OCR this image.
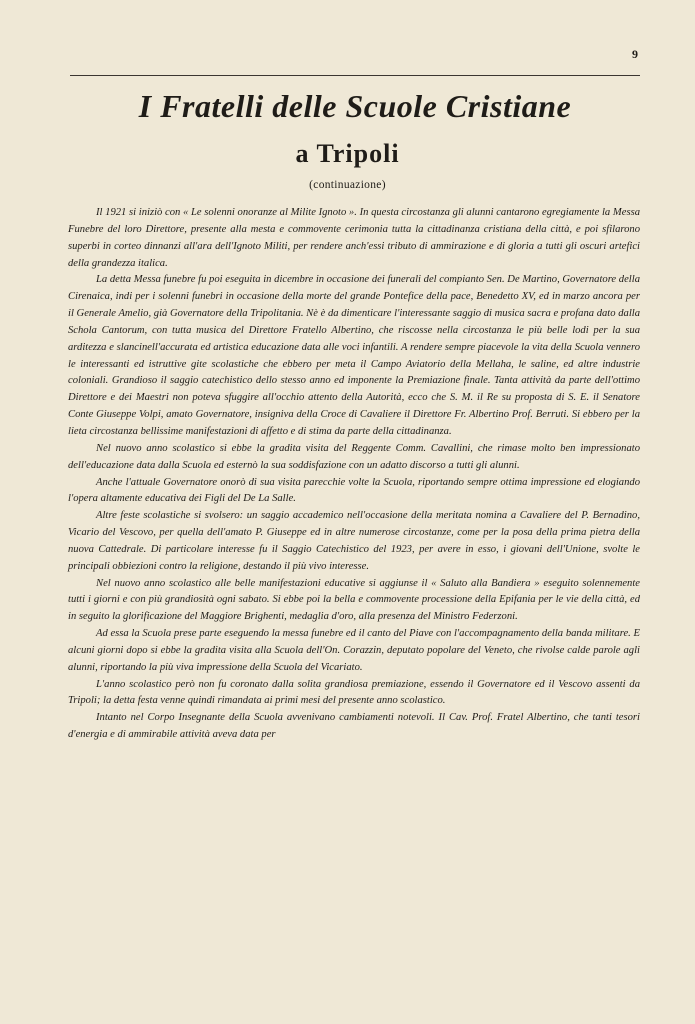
9
I Fratelli delle Scuole Cristiane
a Tripoli
(continuazione)

Il 1921 si iniziò con « Le solenni onoranze al Milite Ignoto ». In questa circostanza gli alunni cantarono egregiamente la Messa Funebre del loro Direttore, presente alla mesta e commovente cerimonia tutta la cittadinanza cristiana della città, e poi sfilarono superbi in corteo dinnanzi all'ara dell'Ignoto Militi, per rendere anch'essi tributo di ammirazione e di gloria a tutti gli oscuri artefici della grandezza italica.

La detta Messa funebre fu poi eseguita in dicembre in occasione dei funerali del compianto Sen. De Martino, Governatore della Cirenaica, indi per i solenni funebri in occasione della morte del grande Pontefice della pace, Benedetto XV, ed in marzo ancora per il Generale Amelio, già Governatore della Tripolitania. Nè è da dimenticare l'interessante saggio di musica sacra e profana dato dalla Schola Cantorum, con tutta musica del Direttore Fratello Albertino, che riscosse nella circostanza le più belle lodi per la sua arditezza e slancinell'accurata ed artistica educazione data alle voci infantili. A rendere sempre piacevole la vita della Scuola vennero le interessanti ed istruttive gite scolastiche che ebbero per meta il Campo Aviatorio della Mellaha, le saline, ed altre industrie coloniali. Grandioso il saggio catechistico dello stesso anno ed imponente la Premiazione finale. Tanta attività da parte dell'ottimo Direttore e dei Maestri non poteva sfuggire all'occhio attento della Autorità, ecco che S. M. il Re su proposta di S. E. il Senatore Conte Giuseppe Volpi, amato Governatore, insigniva della Croce di Cavaliere il Direttore Fr. Albertino Prof. Berruti. Si ebbero per la lieta circostanza bellissime manifestazioni di affetto e di stima da parte della cittadinanza.

Nel nuovo anno scolastico si ebbe la gradita visita del Reggente Comm. Cavallini, che rimase molto ben impressionato dell'educazione data dalla Scuola ed esternò la sua soddisfazione con un adatto discorso a tutti gli alunni.

Anche l'attuale Governatore onorò di sua visita parecchie volte la Scuola, riportando sempre ottima impressione ed elogiando l'opera altamente educativa dei Figli del De La Salle.

Altre feste scolastiche si svolsero: un saggio accademico nell'occasione della meritata nomina a Cavaliere del P. Bernadino, Vicario del Vescovo, per quella dell'amato P. Giuseppe ed in altre numerose circostanze, come per la posa della prima pietra della nuova Cattedrale. Di particolare interesse fu il Saggio Catechistico del 1923, per avere in esso, i giovani dell'Unione, svolte le principali obbiezioni contro la religione, destando il più vivo interesse.

Nel nuovo anno scolastico alle belle manifestazioni educative si aggiunse il « Saluto alla Bandiera » eseguito solennemente tutti i giorni e con più grandiosità ogni sabato. Si ebbe poi la bella e commovente processione della Epifania per le vie della città, ed in seguito la glorificazione del Maggiore Brighenti, medaglia d'oro, alla presenza del Ministro Federzoni.

Ad essa la Scuola prese parte eseguendo la messa funebre ed il canto del Piave con l'accompagnamento della banda militare. E alcuni giorni dopo si ebbe la gradita visita alla Scuola dell'On. Corazzin, deputato popolare del Veneto, che rivolse calde parole agli alunni, riportando la più viva impressione della Scuola del Vicariato.

L'anno scolastico però non fu coronato dalla solita grandiosa premiazione, essendo il Governatore ed il Vescovo assenti da Tripoli; la detta festa venne quindi rimandata ai primi mesi del presente anno scolastico.

Intanto nel Corpo Insegnante della Scuola avvenivano cambiamenti notevoli. Il Cav. Prof. Fratel Albertino, che tanti tesori d'energia e di ammirabile attività aveva data per
